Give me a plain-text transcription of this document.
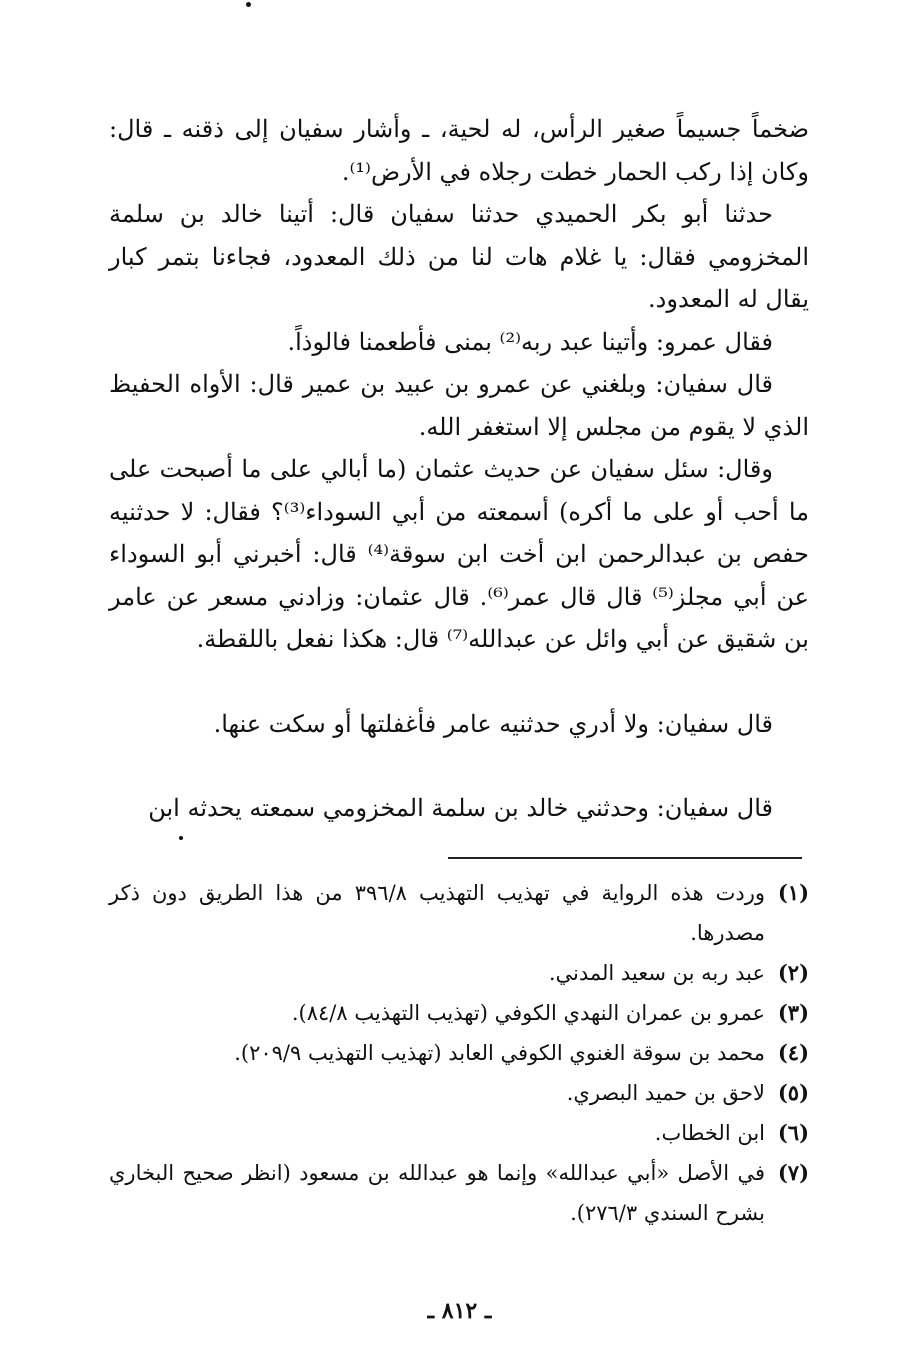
ضخماً جسيماً صغير الرأس، له لحية، ـ وأشار سفيان إلى ذقنه ـ قال: وكان إذا ركب الحمار خطت رجلاه في الأرض⁽¹⁾.

حدثنا أبو بكر الحميدي حدثنا سفيان قال: أتينا خالد بن سلمة المخزومي فقال: يا غلام هات لنا من ذلك المعدود، فجاءنا بتمر كبار يقال له المعدود.

فقال عمرو: وأتينا عبد ربه⁽²⁾ بمنى فأطعمنا فالوذاً.

قال سفيان: وبلغني عن عمرو بن عبيد بن عمير قال: الأواه الحفيظ الذي لا يقوم من مجلس إلا استغفر الله.

وقال: سئل سفيان عن حديث عثمان (ما أبالي على ما أصبحت على ما أحب أو على ما أكره) أسمعته من أبي السوداء⁽³⁾؟ فقال: لا حدثنيه حفص بن عبدالرحمن ابن أخت ابن سوقة⁽⁴⁾ قال: أخبرني أبو السوداء عن أبي مجلز⁽⁵⁾ قال قال عمر⁽⁶⁾. قال عثمان: وزادني مسعر عن عامر بن شقيق عن أبي وائل عن عبدالله⁽⁷⁾ قال: هكذا نفعل باللقطة.

قال سفيان: ولا أدري حدثنيه عامر فأغفلتها أو سكت عنها.

قال سفيان: وحدثني خالد بن سلمة المخزومي سمعته يحدثه ابن

(١)
وردت هذه الرواية في تهذيب التهذيب ٣٩٦/٨ من هذا الطريق دون ذكر مصدرها.
(٢)
عبد ربه بن سعيد المدني.
(٣)
عمرو بن عمران النهدي الكوفي (تهذيب التهذيب ٨٤/٨).
(٤)
محمد بن سوقة الغنوي الكوفي العابد (تهذيب التهذيب ٢٠٩/٩).
(٥)
لاحق بن حميد البصري.
(٦)
ابن الخطاب.
(٧)
في الأصل «أبي عبدالله» وإنما هو عبدالله بن مسعود (انظر صحيح البخاري بشرح السندي ٢٧٦/٣).
ـ ٨١٢ ـ
